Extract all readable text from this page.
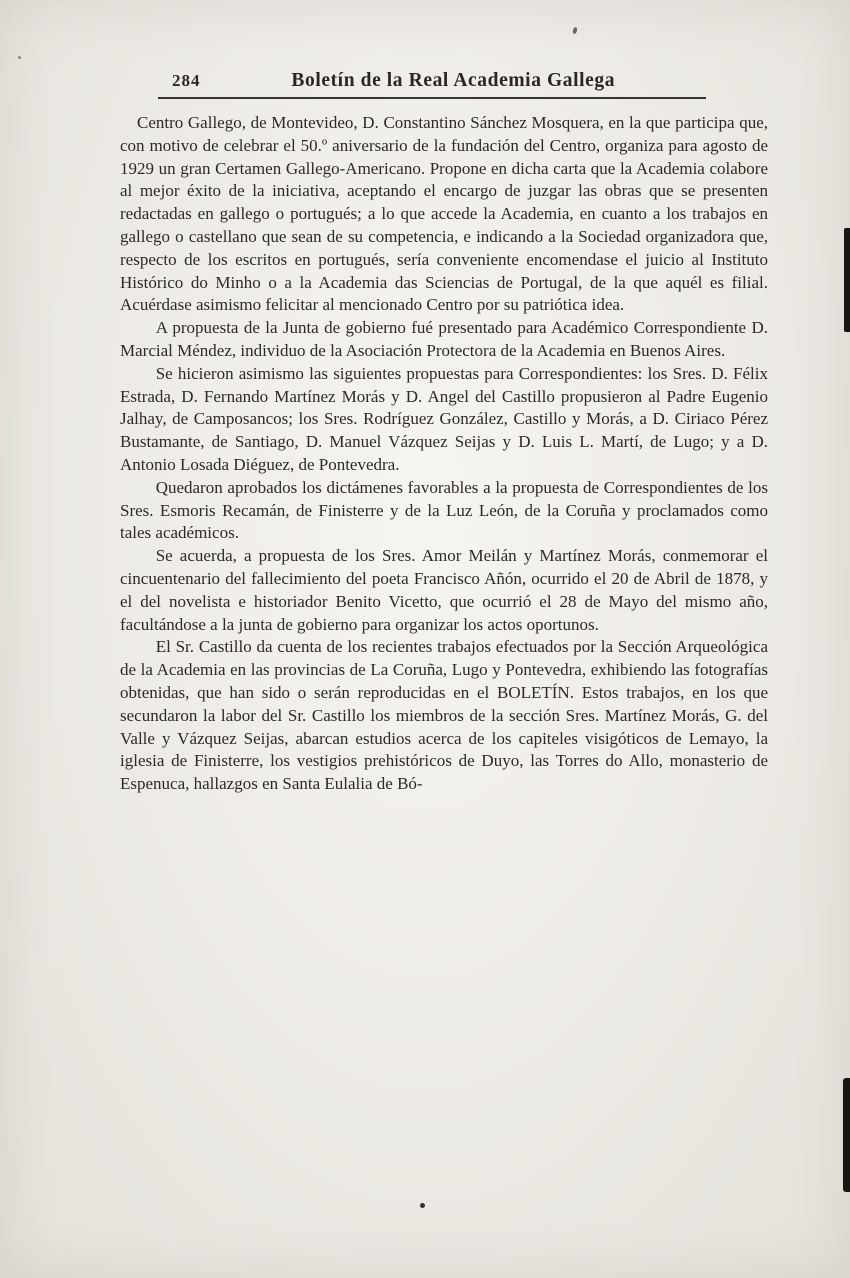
284	Boletín de la Real Academia Gallega

Centro Gallego, de Montevideo, D. Constantino Sánchez Mosquera, en la que participa que, con motivo de celebrar el 50.º aniversario de la fundación del Centro, organiza para agosto de 1929 un gran Certamen Gallego-Americano. Propone en dicha carta que la Academia colabore al mejor éxito de la iniciativa, aceptando el encargo de juzgar las obras que se presenten redactadas en gallego o portugués; a lo que accede la Academia, en cuanto a los trabajos en gallego o castellano que sean de su competencia, e indicando a la Sociedad organizadora que, respecto de los escritos en portugués, sería conveniente encomendase el juicio al Instituto Histórico do Minho o a la Academia das Sciencias de Portugal, de la que aquél es filial. Acuérdase asimismo felicitar al mencionado Centro por su patriótica idea.

A propuesta de la Junta de gobierno fué presentado para Académico Correspondiente D. Marcial Méndez, individuo de la Asociación Protectora de la Academia en Buenos Aires.

Se hicieron asimismo las siguientes propuestas para Correspondientes: los Sres. D. Félix Estrada, D. Fernando Martínez Morás y D. Angel del Castillo propusieron al Padre Eugenio Jalhay, de Camposancos; los Sres. Rodríguez González, Castillo y Morás, a D. Ciriaco Pérez Bustamante, de Santiago, D. Manuel Vázquez Seijas y D. Luis L. Martí, de Lugo; y a D. Antonio Losada Diéguez, de Pontevedra.

Quedaron aprobados los dictámenes favorables a la propuesta de Correspondientes de los Sres. Esmoris Recamán, de Finisterre y de la Luz León, de la Coruña y proclamados como tales académicos.

Se acuerda, a propuesta de los Sres. Amor Meilán y Martínez Morás, conmemorar el cincuentenario del fallecimiento del poeta Francisco Añón, ocurrido el 20 de Abril de 1878, y el del novelista e historiador Benito Vicetto, que ocurrió el 28 de Mayo del mismo año, facultándose a la junta de gobierno para organizar los actos oportunos.

El Sr. Castillo da cuenta de los recientes trabajos efectuados por la Sección Arqueológica de la Academia en las provincias de La Coruña, Lugo y Pontevedra, exhibiendo las fotografías obtenidas, que han sido o serán reproducidas en el BOLETÍN. Estos trabajos, en los que secundaron la labor del Sr. Castillo los miembros de la sección Sres. Martínez Morás, G. del Valle y Vázquez Seijas, abarcan estudios acerca de los capiteles visigóticos de Lemayo, la iglesia de Finisterre, los vestigios prehistóricos de Duyo, las Torres do Allo, monasterio de Espenuca, hallazgos en Santa Eulalia de Bó-
